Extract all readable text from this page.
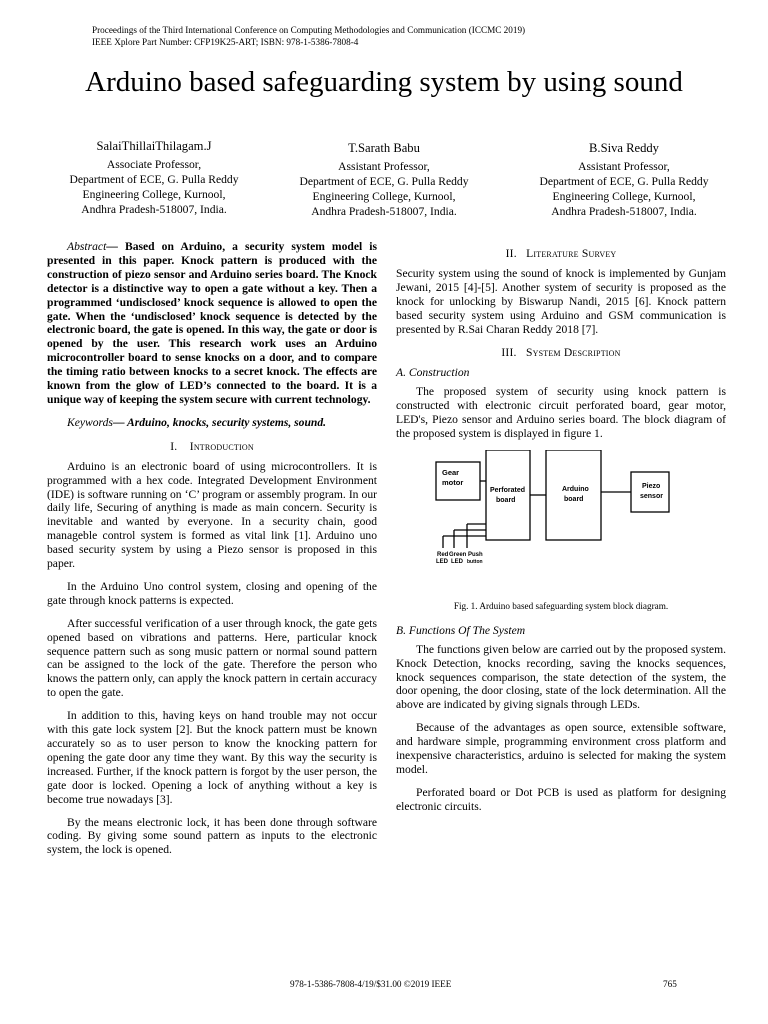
Proceedings of the Third International Conference on Computing Methodologies and Communication (ICCMC 2019)
IEEE Xplore Part Number: CFP19K25-ART; ISBN: 978-1-5386-7808-4
Arduino based safeguarding system by using sound
SalaiThillaiThilagam.J
Associate Professor,
Department of ECE, G. Pulla Reddy
Engineering College, Kurnool,
Andhra Pradesh-518007, India.
T.Sarath Babu
Assistant Professor,
Department of ECE, G. Pulla Reddy
Engineering College, Kurnool,
Andhra Pradesh-518007, India.
B.Siva Reddy
Assistant Professor,
Department of ECE, G. Pulla Reddy
Engineering College, Kurnool,
Andhra Pradesh-518007, India.

Abstract— Based on Arduino, a security system model is presented in this paper. Knock pattern is produced with the construction of piezo sensor and Arduino series board. The Knock detector is a distinctive way to open a gate without a key. Then a programmed ‘undisclosed’ knock sequence is allowed to open the gate. When the ‘undisclosed’ knock sequence is detected by the electronic board, the gate is opened. In this way, the gate or door is opened by the user. This research work uses an Arduino microcontroller board to sense knocks on a door, and to compare the timing ratio between knocks to a secret knock. The effects are known from the glow of LED’s connected to the board. It is a unique way of keeping the system secure with current technology.

Keywords— Arduino, knocks, security systems, sound.

I. Introduction

Arduino is an electronic board of using microcontrollers. It is programmed with a hex code. Integrated Development Environment (IDE) is software running on ‘C’ program or assembly program. In our daily life, Securing of anything is made as main concern. Security is inevitable and wanted by everyone. In a security chain, good manageble control system is formed as vital link [1]. Arduino uno based security system by using a Piezo sensor is proposed in this paper.

In the Arduino Uno control system, closing and opening of the gate through knock patterns is expected.

After successful verification of a user through knock, the gate gets opened based on vibrations and patterns. Here, particular knock sequence pattern such as song music pattern or normal sound pattern can be assigned to the lock of the gate. Therefore the person who knows the pattern only, can apply the knock pattern in certain accuracy to open the gate.

In addition to this, having keys on hand trouble may not occur with this gate lock system [2]. But the knock pattern must be known accurately so as to user person to know the knocking pattern for opening the gate door any time they want. By this way the security is increased. Further, if the knock pattern is forgot by the user person, the gate door is locked. Opening a lock of anything without a key is become true nowadays [3].

By the means electronic lock, it has been done through software coding. By giving some sound pattern as inputs to the electronic system, the lock is opened.

II. Literature Survey

Security system using the sound of knock is implemented by Gunjam Jewani, 2015 [4]-[5]. Another system of security is proposed as the knock for unlocking by Biswarup Nandi, 2015 [6]. Knock pattern based security system using Arduino and GSM communication is presented by R.Sai Charan Reddy 2018 [7].

III. System Description
A. Construction

The proposed system of security using knock pattern is constructed with electronic circuit perforated board, gear motor, LED's, Piezo sensor and Arduino series board. The block diagram of the proposed system is displayed in figure 1.

Gear
motor
Perforated
board
Arduino
board
Piezo
sensor
Red
LED
Green
LED
Push
button
Fig. 1. Arduino based safeguarding system block diagram.
B. Functions Of The System

The functions given below are carried out by the proposed system. Knock Detection, knocks recording, saving the knocks sequences, knock sequences comparison, the state detection of the system, the door opening, the door closing, state of the lock determination. All the above are indicated by giving signals through LEDs.

Because of the advantages as open source, extensible software, and hardware simple, programming environment cross platform and inexpensive characteristics, arduino is selected for making the system model.

Perforated board or Dot PCB is used as platform for designing electronic circuits.

978-1-5386-7808-4/19/$31.00 ©2019 IEEE	765
